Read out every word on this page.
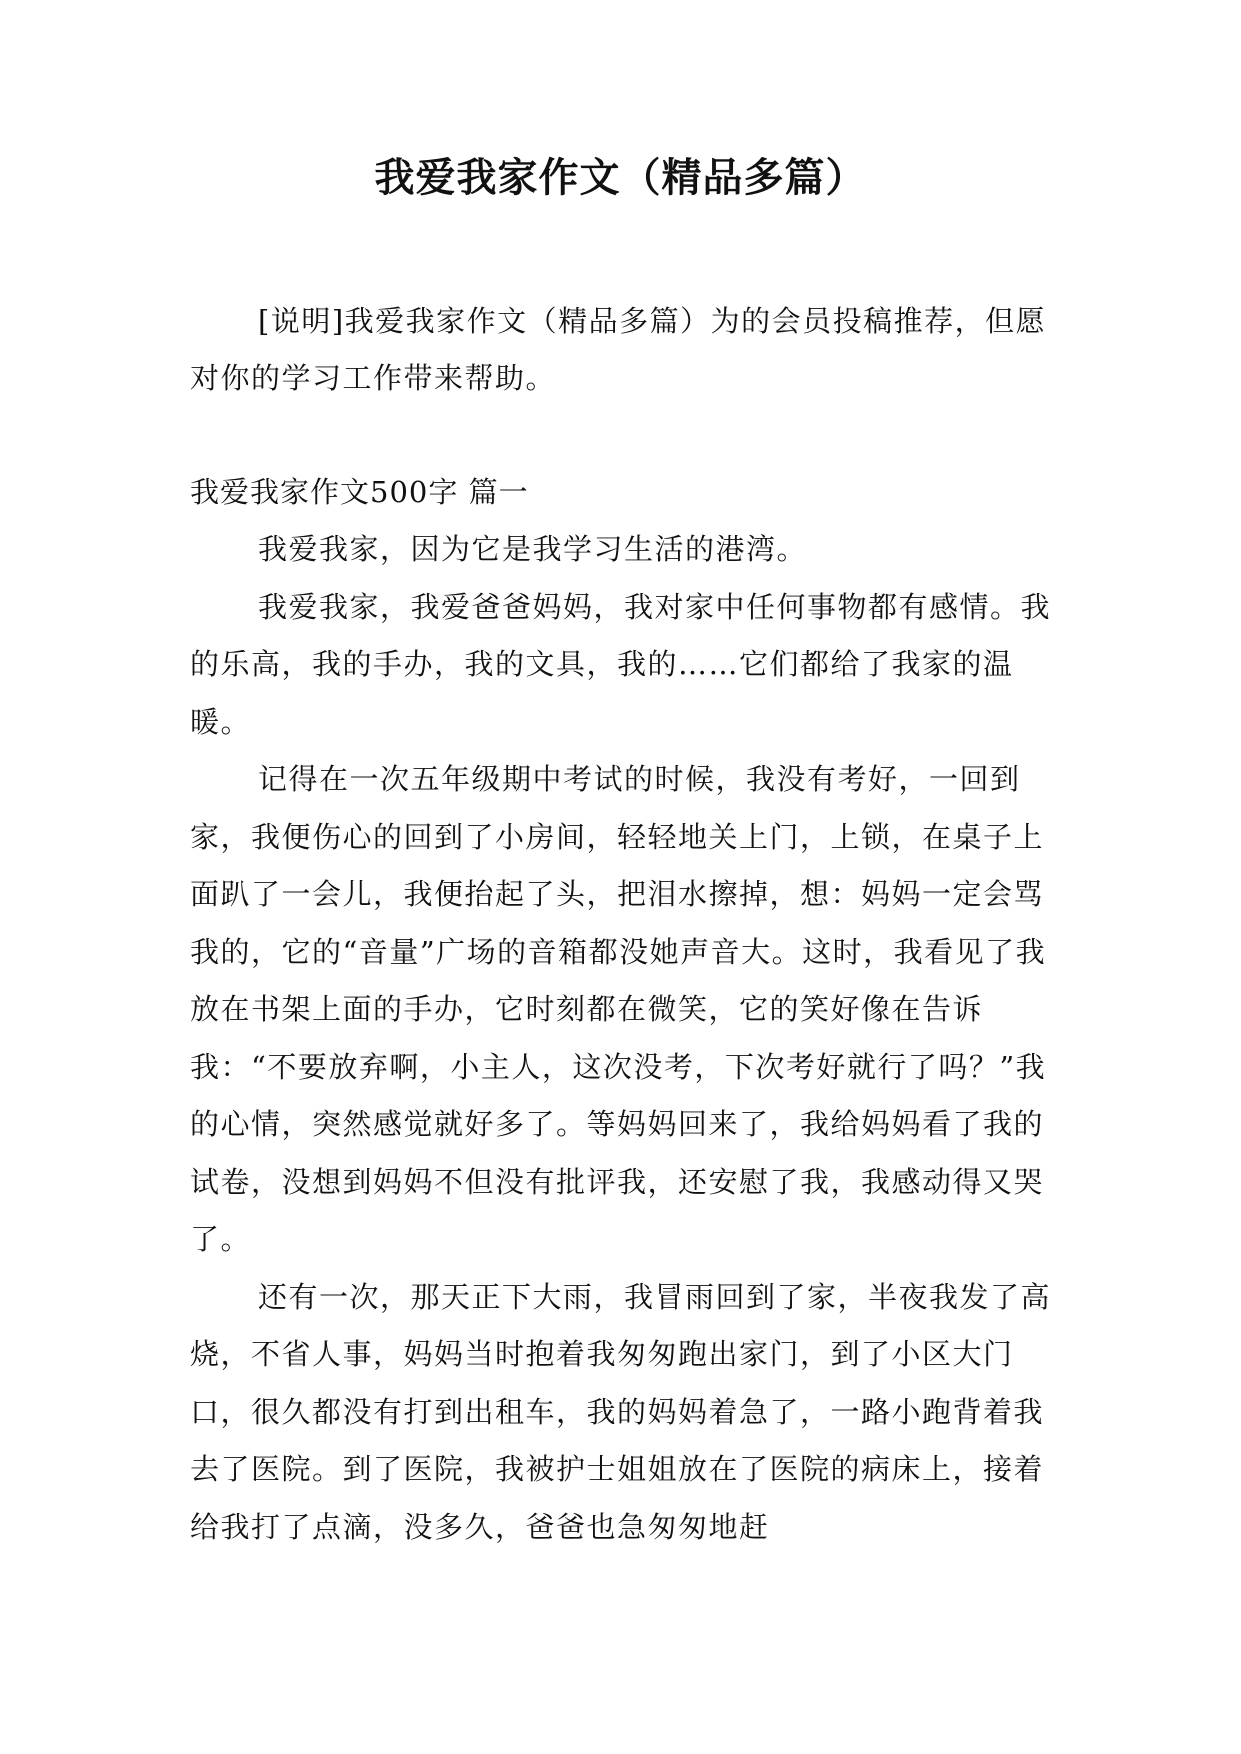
我爱我家作文（精品多篇）
[说明]我爱我家作文（精品多篇）为的会员投稿推荐，但愿对你的学习工作带来帮助。
我爱我家作文500字 篇一

我爱我家，因为它是我学习生活的港湾。

我爱我家，我爱爸爸妈妈，我对家中任何事物都有感情。我的乐高，我的手办，我的文具，我的……它们都给了我家的温暖。

记得在一次五年级期中考试的时候，我没有考好，一回到家，我便伤心的回到了小房间，轻轻地关上门，上锁，在桌子上面趴了一会儿，我便抬起了头，把泪水擦掉，想：妈妈一定会骂我的，它的“音量”广场的音箱都没她声音大。这时，我看见了我放在书架上面的手办，它时刻都在微笑，它的笑好像在告诉我：“不要放弃啊，小主人，这次没考，下次考好就行了吗？”我的心情，突然感觉就好多了。等妈妈回来了，我给妈妈看了我的试卷，没想到妈妈不但没有批评我，还安慰了我，我感动得又哭了。

还有一次，那天正下大雨，我冒雨回到了家，半夜我发了高烧，不省人事，妈妈当时抱着我匆匆跑出家门，到了小区大门口，很久都没有打到出租车，我的妈妈着急了，一路小跑背着我去了医院。到了医院，我被护士姐姐放在了医院的病床上，接着给我打了点滴，没多久，爸爸也急匆匆地赶
